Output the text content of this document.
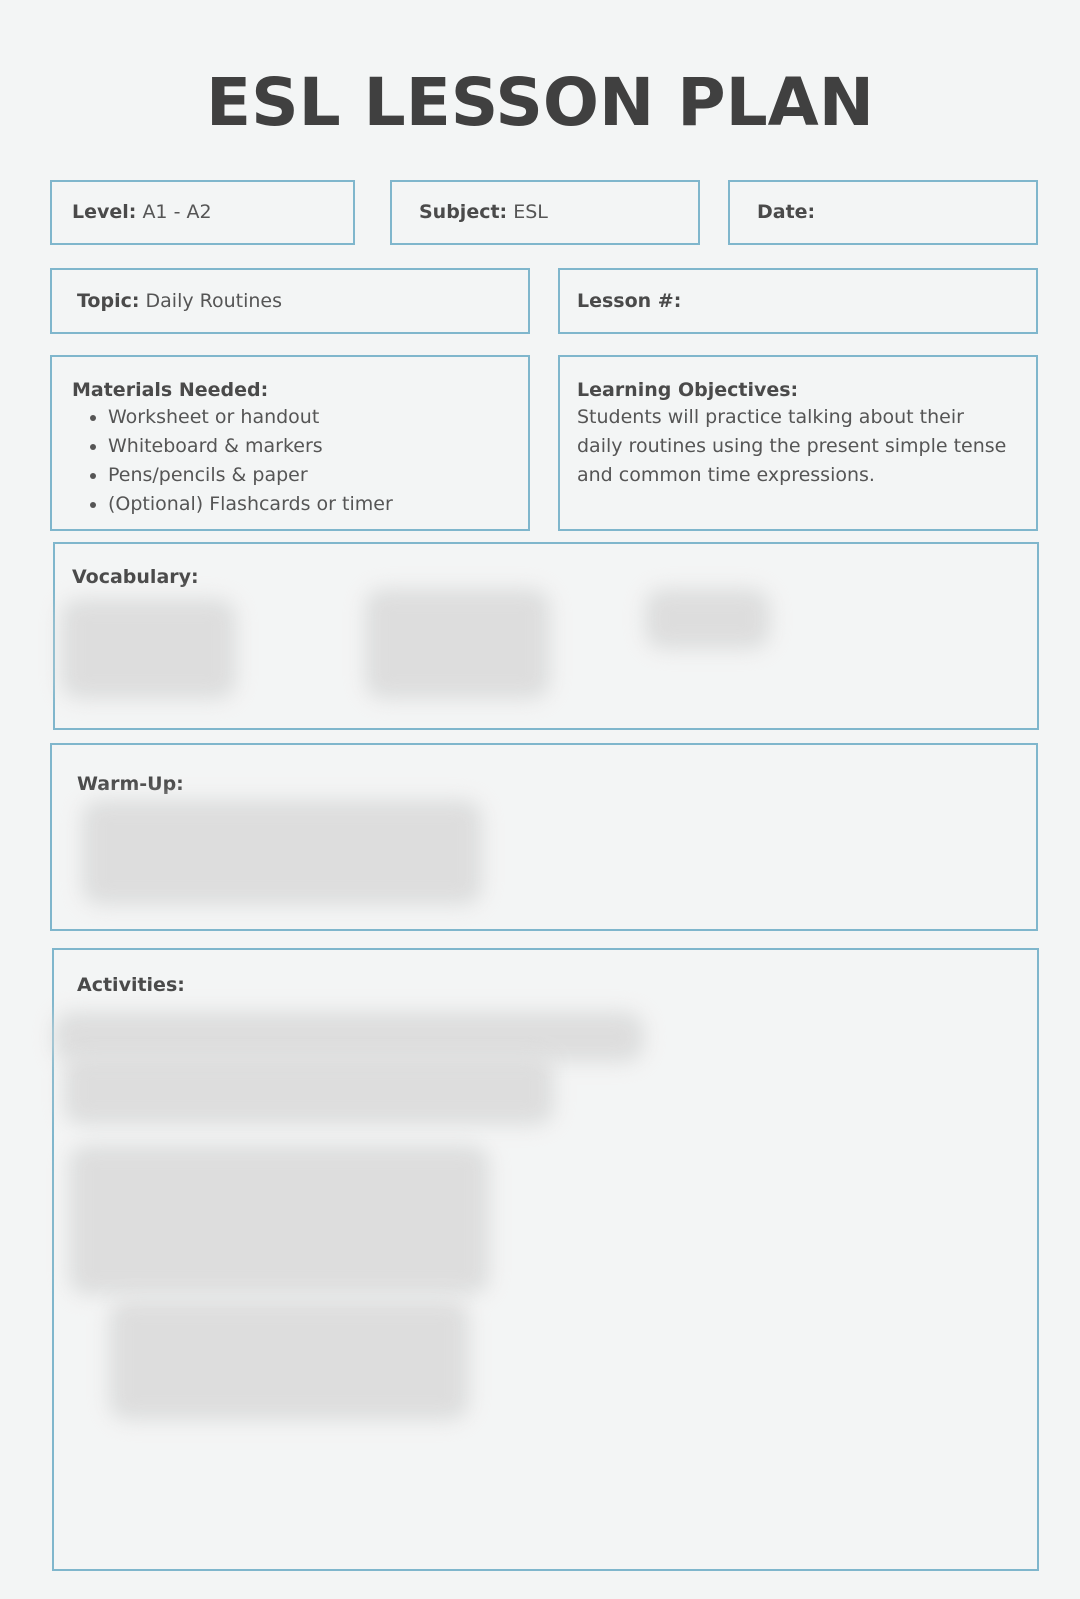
ESL LESSON PLAN
Level:
A1 - A2	Subject:
ESL	Date:

Topic:
Daily Routines	Lesson #:

Materials Needed:

• Worksheet or handout
• Whiteboard & markers
• Pens/pencils & paper
• (Optional) Flashcards or timer

Learning Objectives:

Students will practice talking about their
daily routines using the present simple tense
and common time expressions.

Vocabulary:

Warm-Up:

Activities:
